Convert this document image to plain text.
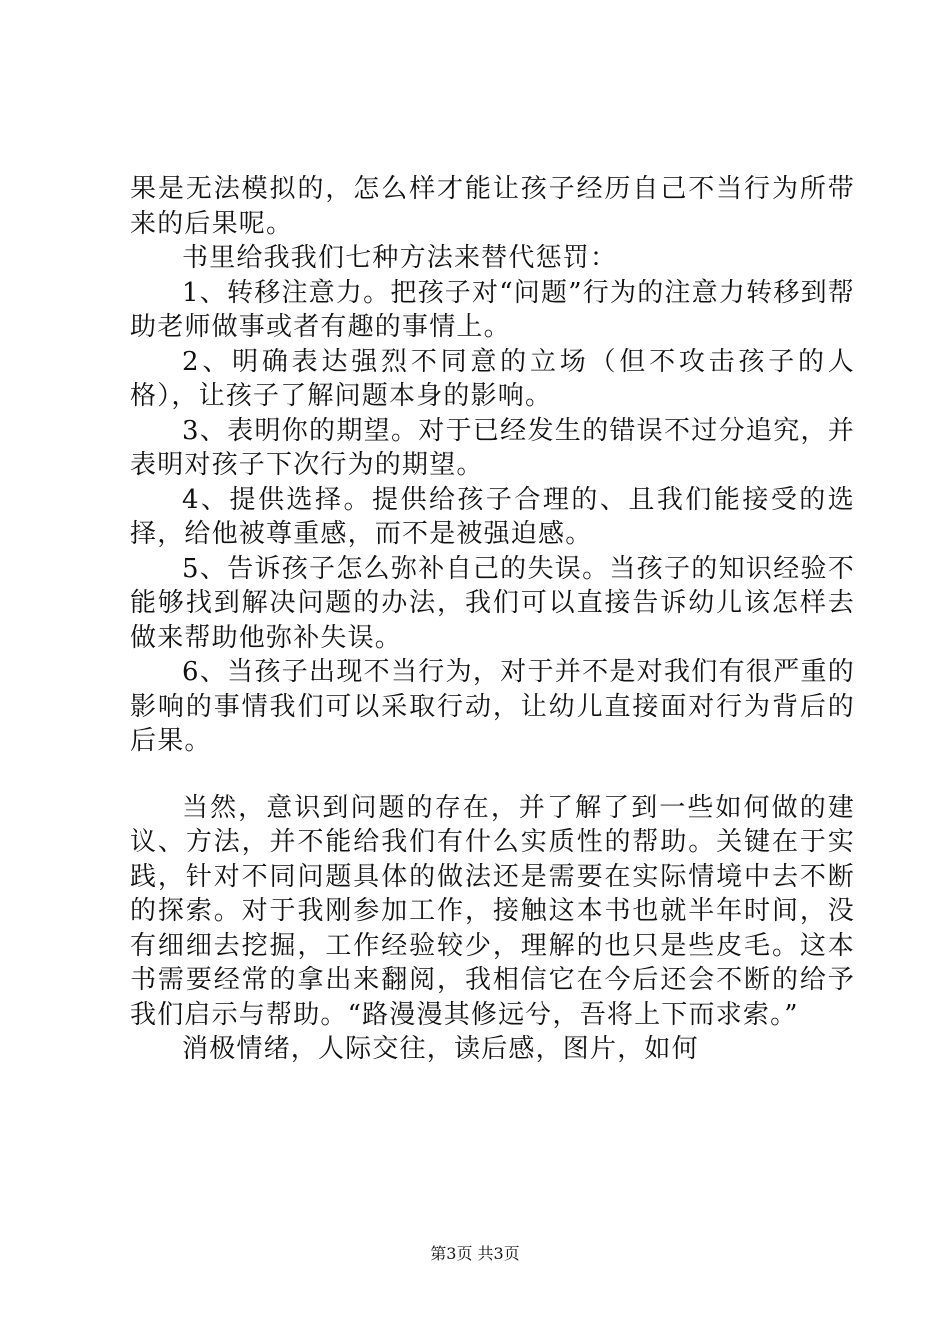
果是无法模拟的，怎么样才能让孩子经历自己不当行为所带来的后果呢。

书里给我我们七种方法来替代惩罚：

1、转移注意力。把孩子对“问题”行为的注意力转移到帮助老师做事或者有趣的事情上。

2、明确表达强烈不同意的立场（但不攻击孩子的人格），让孩子了解问题本身的影响。

3、表明你的期望。对于已经发生的错误不过分追究，并表明对孩子下次行为的期望。

4、提供选择。提供给孩子合理的、且我们能接受的选择，给他被尊重感，而不是被强迫感。

5、告诉孩子怎么弥补自己的失误。当孩子的知识经验不能够找到解决问题的办法，我们可以直接告诉幼儿该怎样去做来帮助他弥补失误。

6、当孩子出现不当行为，对于并不是对我们有很严重的影响的事情我们可以采取行动，让幼儿直接面对行为背后的后果。

当然，意识到问题的存在，并了解了到一些如何做的建议、方法，并不能给我们有什么实质性的帮助。关键在于实践，针对不同问题具体的做法还是需要在实际情境中去不断的探索。对于我刚参加工作，接触这本书也就半年时间，没有细细去挖掘，工作经验较少，理解的也只是些皮毛。这本书需要经常的拿出来翻阅，我相信它在今后还会不断的给予我们启示与帮助。“路漫漫其修远兮，吾将上下而求索。”

消极情绪，人际交往，读后感，图片，如何

第3页 共3页
